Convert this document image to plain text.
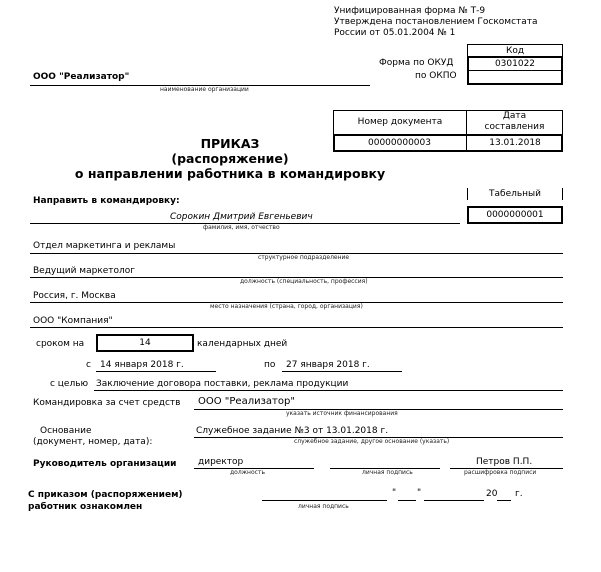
Унифицированная форма № Т-9
Утверждена постановлением Госкомстата
России от 05.01.2004 № 1
Код
Форма по ОКУД	0301022
по ОКПО
ООО "Реализатор"
наименование организации
Номер документа
Дата составления
00000000003	13.01.2018
ПРИКАЗ
(распоряжение)
о направлении работника в командировку
Направить в командировку:
Табельный
0000000001
Сорокин Дмитрий Евгеньевич
фамилия, имя, отчество
Отдел маркетинга и рекламы
структурное подразделение
Ведущий маркетолог
должность (специальность, профессия)
Россия, г. Москва
место назначения (страна, город, организация)
ООО "Компания"
сроком на	14	календарных дней
с 14 января 2018 г.	по 27 января 2018 г.
с целью Заключение договора поставки, реклама продукции
Командировка за счет средств ООО "Реализатор"
указать источник финансирования
Основание
(документ, номер, дата):
Служебное задание №3 от 13.01.2018 г.
служебное задание, другое основание (указать)
Руководитель организации директор
должность	личная подпись
Петров П.П.
расшифровка подписи
С приказом (распоряжением)
работник ознакомлен	личная подпись
" "	20 г.
